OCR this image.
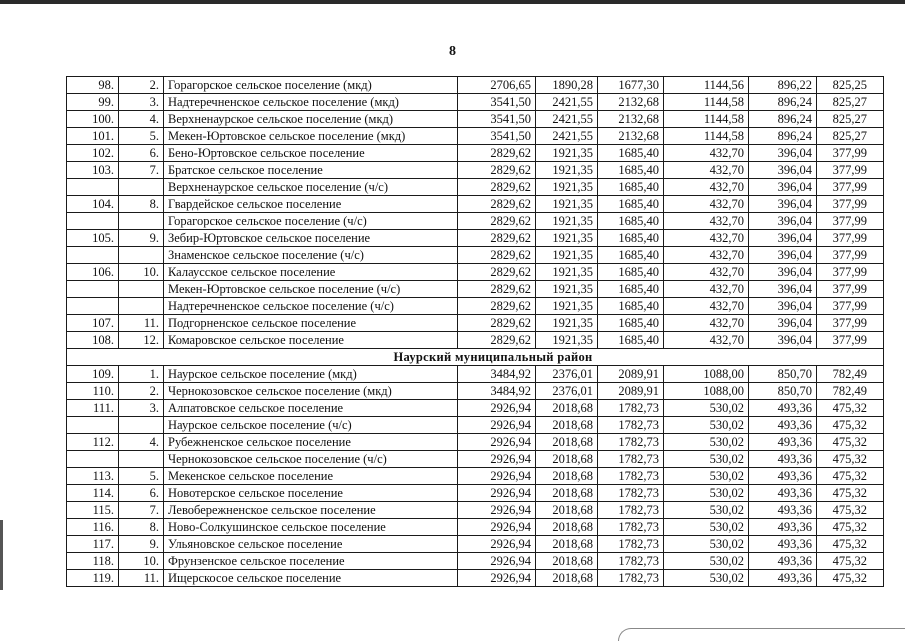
8
98.	2.	Горагорское сельское поселение (мкд)	2706,65	1890,28	1677,30	1144,56	896,22	825,25
99.	3.	Надтеречненское сельское поселение (мкд)	3541,50	2421,55	2132,68	1144,58	896,24	825,27
100.	4.	Верхненаурское сельское поселение (мкд)	3541,50	2421,55	2132,68	1144,58	896,24	825,27
101.	5.	Мекен-Юртовское сельское поселение (мкд)	3541,50	2421,55	2132,68	1144,58	896,24	825,27
102.	6.	Бено-Юртовское сельское поселение	2829,62	1921,35	1685,40	432,70	396,04	377,99
103.	7.	Братское сельское поселение	2829,62	1921,35	1685,40	432,70	396,04	377,99
		Верхненаурское сельское поселение (ч/с)	2829,62	1921,35	1685,40	432,70	396,04	377,99
104.	8.	Гвардейское сельское поселение	2829,62	1921,35	1685,40	432,70	396,04	377,99
		Горагорское сельское поселение (ч/с)	2829,62	1921,35	1685,40	432,70	396,04	377,99
105.	9.	Зебир-Юртовское сельское поселение	2829,62	1921,35	1685,40	432,70	396,04	377,99
		Знаменское сельское поселение (ч/с)	2829,62	1921,35	1685,40	432,70	396,04	377,99
106.	10.	Калаусское сельское поселение	2829,62	1921,35	1685,40	432,70	396,04	377,99
		Мекен-Юртовское сельское поселение (ч/с)	2829,62	1921,35	1685,40	432,70	396,04	377,99
		Надтеречненское сельское поселение (ч/с)	2829,62	1921,35	1685,40	432,70	396,04	377,99
107.	11.	Подгорненское сельское поселение	2829,62	1921,35	1685,40	432,70	396,04	377,99
108.	12.	Комаровское сельское поселение	2829,62	1921,35	1685,40	432,70	396,04	377,99
Наурский муниципальный район								
109.	1.	Наурское сельское поселение (мкд)	3484,92	2376,01	2089,91	1088,00	850,70	782,49
110.	2.	Чернокозовское сельское поселение (мкд)	3484,92	2376,01	2089,91	1088,00	850,70	782,49
111.	3.	Алпатовское сельское поселение	2926,94	2018,68	1782,73	530,02	493,36	475,32
		Наурское сельское поселение (ч/с)	2926,94	2018,68	1782,73	530,02	493,36	475,32
112.	4.	Рубежненское сельское поселение	2926,94	2018,68	1782,73	530,02	493,36	475,32
		Чернокозовское сельское поселение (ч/с)	2926,94	2018,68	1782,73	530,02	493,36	475,32
113.	5.	Мекенское сельское поселение	2926,94	2018,68	1782,73	530,02	493,36	475,32
114.	6.	Новотерское сельское поселение	2926,94	2018,68	1782,73	530,02	493,36	475,32
115.	7.	Левобережненское сельское поселение	2926,94	2018,68	1782,73	530,02	493,36	475,32
116.	8.	Ново-Солкушинское сельское поселение	2926,94	2018,68	1782,73	530,02	493,36	475,32
117.	9.	Ульяновское сельское поселение	2926,94	2018,68	1782,73	530,02	493,36	475,32
118.	10.	Фрунзенское сельское поселение	2926,94	2018,68	1782,73	530,02	493,36	475,32
119.	11.	Ищерскосое сельское поселение	2926,94	2018,68	1782,73	530,02	493,36	475,32
